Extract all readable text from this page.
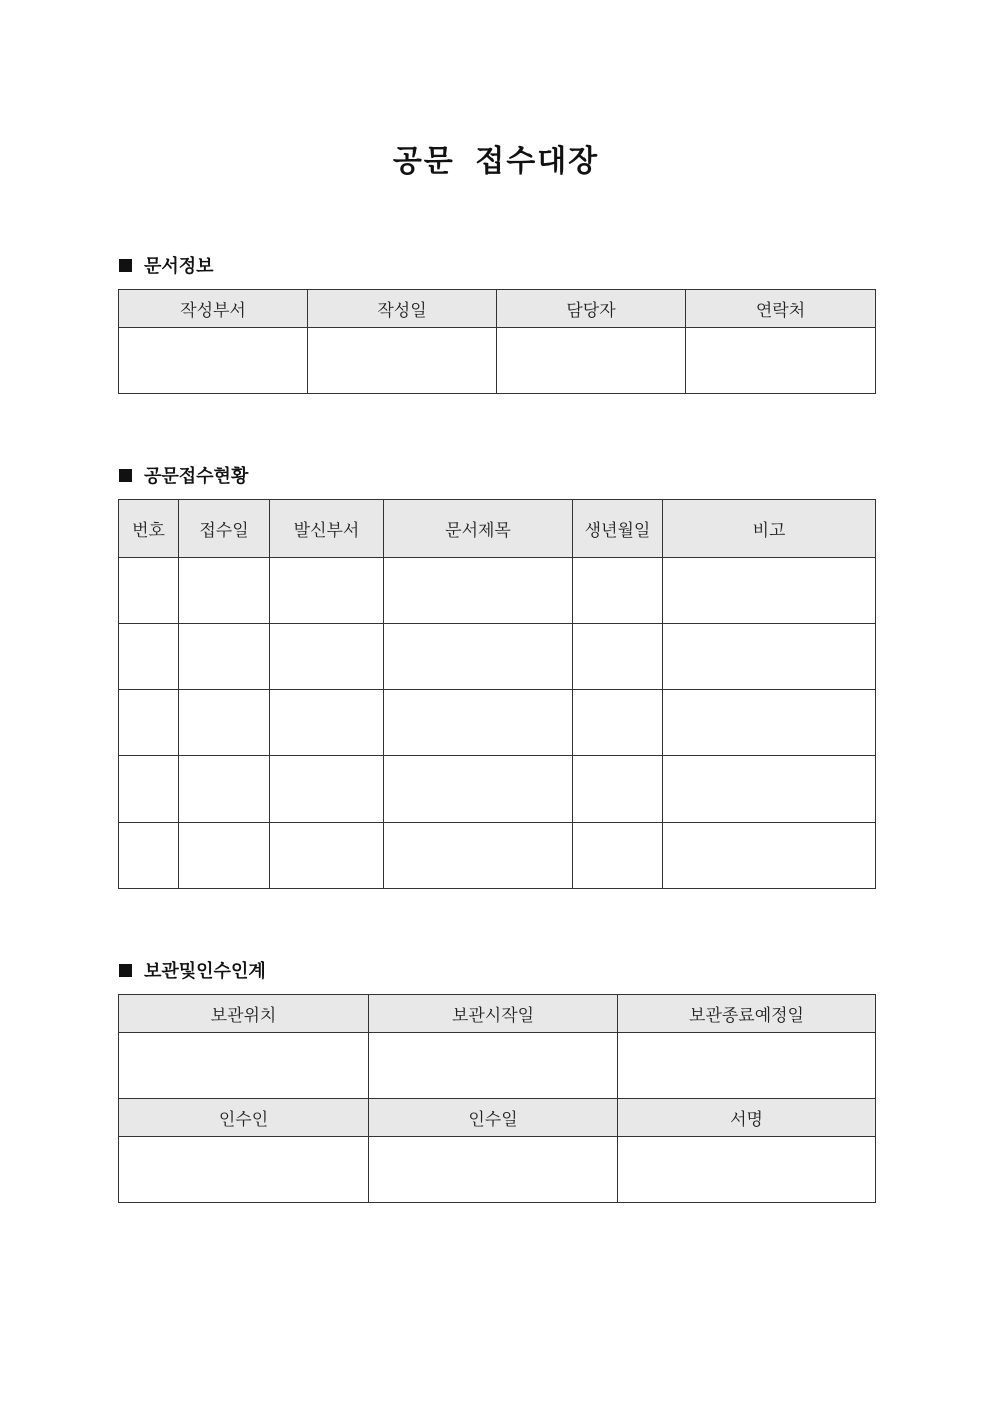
공문 접수대장
문서정보
작성부서	작성일	담당자	연락처

공문접수현황
번호	접수일	발신부서	문서제목	생년월일	비고

보관및인수인계
보관위치	보관시작일	보관종료예정일

인수인	인수일	서명
